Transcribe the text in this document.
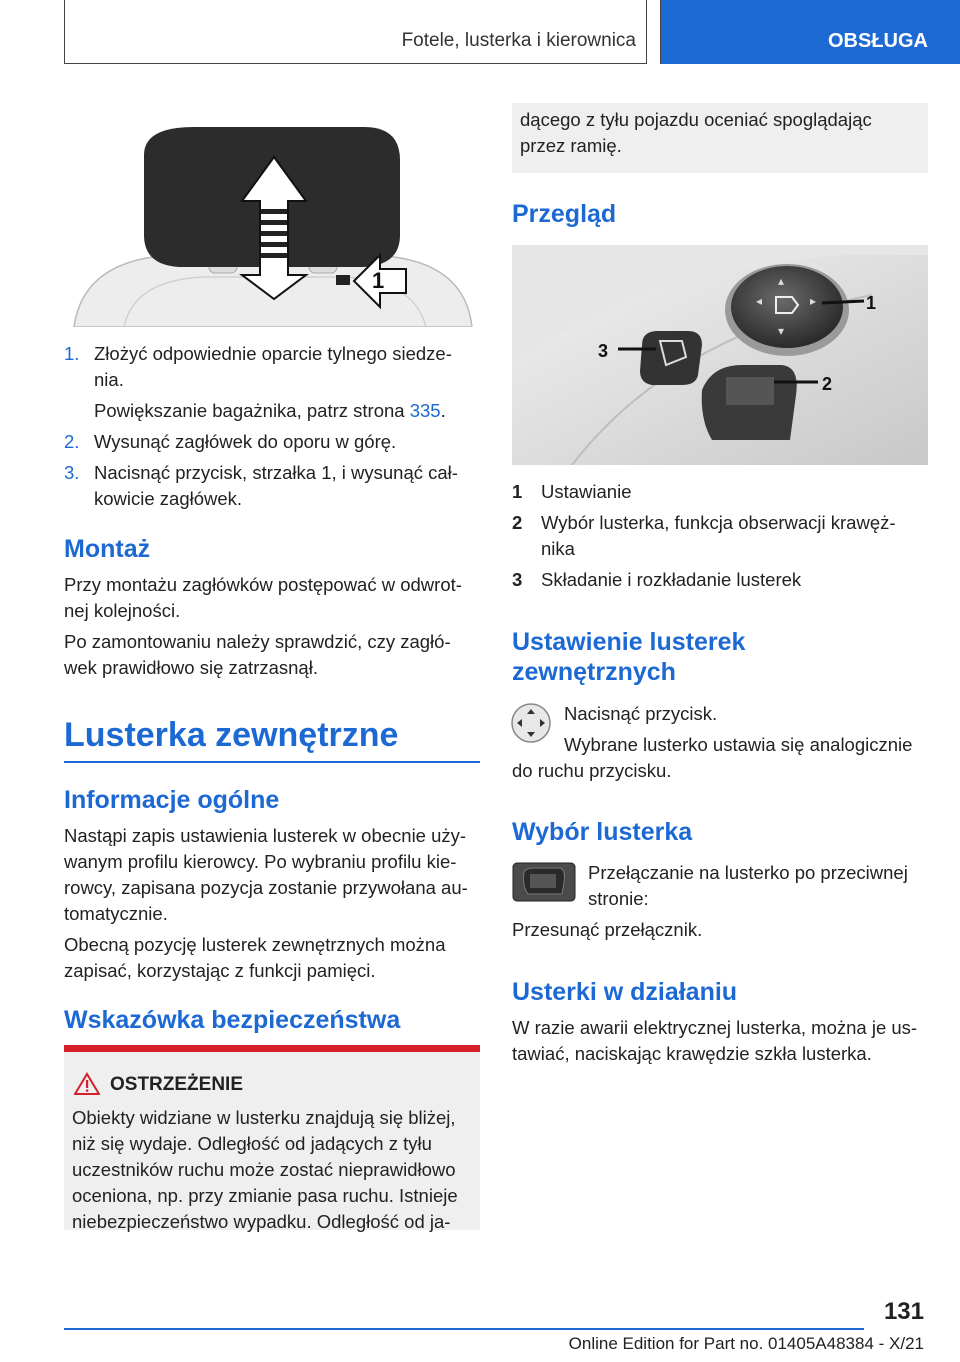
Fotele, lusterka i kierownica	OBSŁUGA
1
1. Złożyć odpowiednie oparcie tylnego siedze-
nia.
Powiększanie bagażnika, patrz strona 335.
2. Wysunąć zagłówek do oporu w górę.
3. Nacisnąć przycisk, strzałka 1, i wysunąć cał-
kowicie zagłówek.
Montaż
Przy montażu zagłówków postępować w odwrot-
nej kolejności.
Po zamontowaniu należy sprawdzić, czy zagłó-
wek prawidłowo się zatrzasnął.
Lusterka zewnętrzne
Informacje ogólne
Nastąpi zapis ustawienia lusterek w obecnie uży-
wanym profilu kierowcy. Po wybraniu profilu kie-
rowcy, zapisana pozycja zostanie przywołana au-
tomatycznie.
Obecną pozycję lusterek zewnętrznych można
zapisać, korzystając z funkcji pamięci.
Wskazówka bezpieczeństwa
OSTRZEŻENIE
Obiekty widziane w lusterku znajdują się bliżej,
niż się wydaje. Odległość od jadących z tyłu
uczestników ruchu może zostać nieprawidłowo
oceniona, np. przy zmianie pasa ruchu. Istnieje
niebezpieczeństwo wypadku. Odległość od ja-
dącego z tyłu pojazdu oceniać spoglądając
przez ramię.
Przegląd
◂	▸
▴
▾
1
2
3
1 Ustawianie
2 Wybór lusterka, funkcja obserwacji krawęż-
nika
3 Składanie i rozkładanie lusterek
Ustawienie lusterek
zewnętrznych
Nacisnąć przycisk.
Wybrane lusterko ustawia się analogicznie
do ruchu przycisku.
Wybór lusterka
Przełączanie na lusterko po przeciwnej
stronie:
Przesunąć przełącznik.
Usterki w działaniu
W razie awarii elektrycznej lusterka, można je us-
tawiać, naciskając krawędzie szkła lusterka.
131
Online Edition for Part no. 01405A48384 - X/21
